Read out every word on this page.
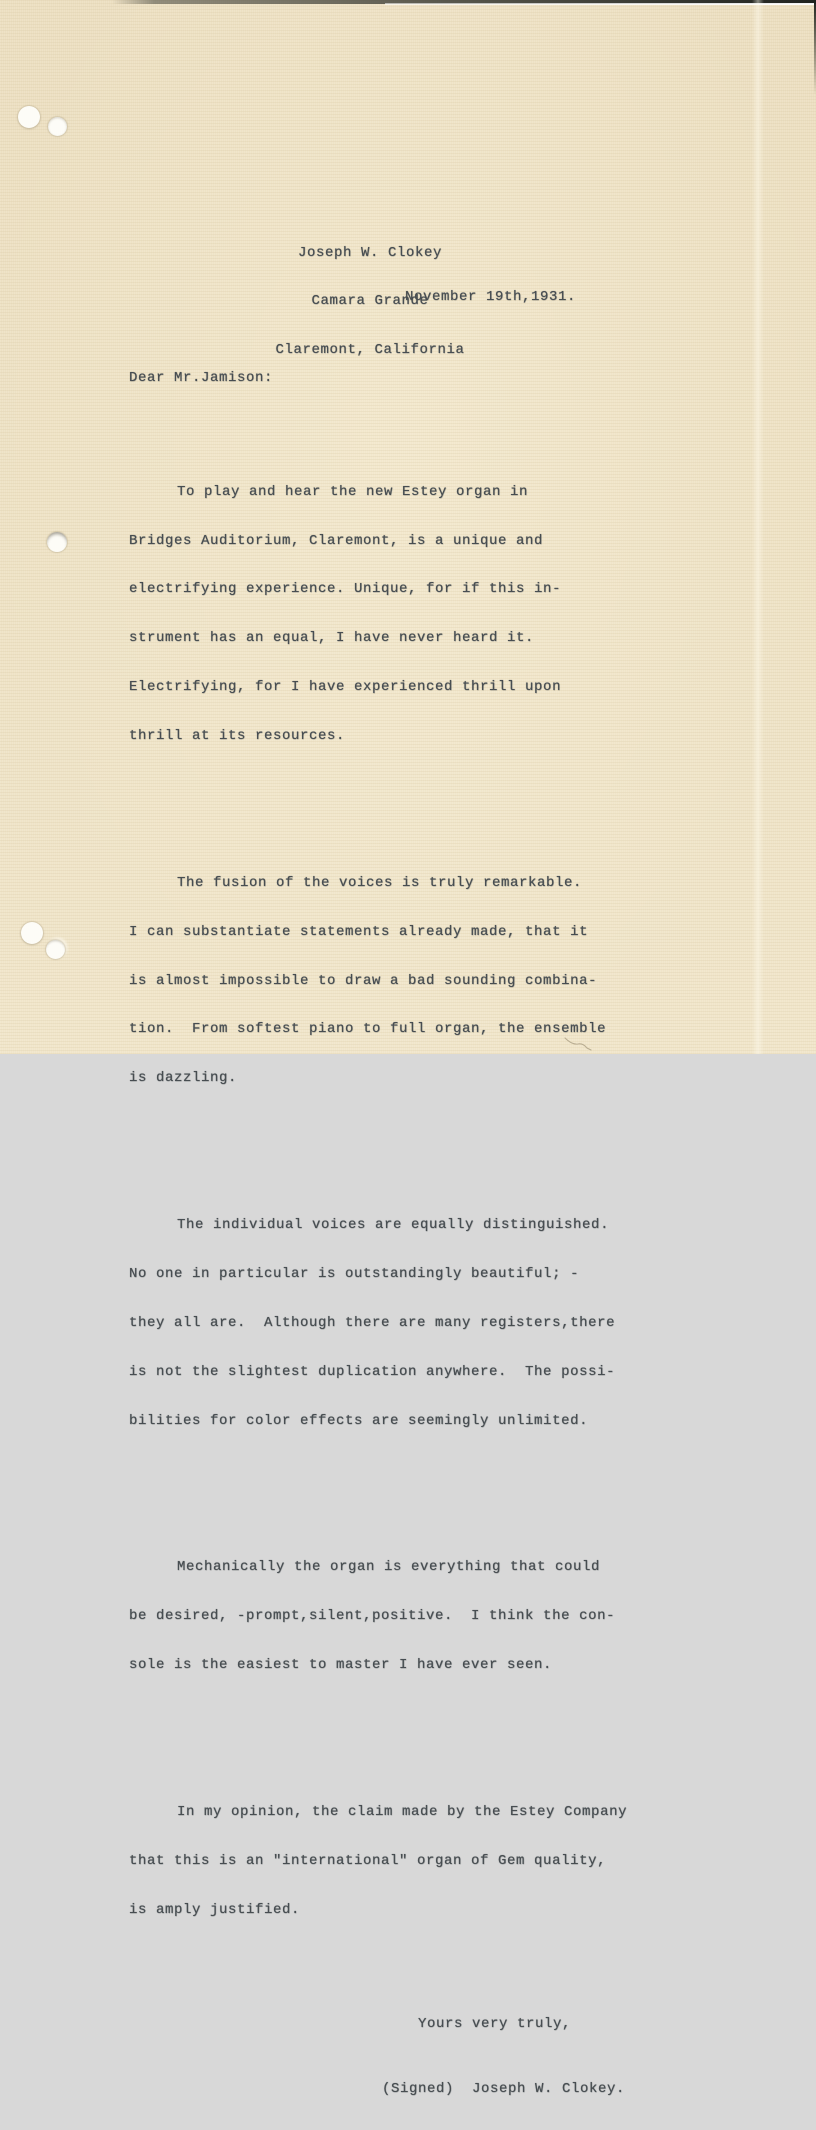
Joseph W. Clokey

Camara Grande

Claremont, California

November 19th,1931.

Dear Mr.Jamison:

To play and hear the new Estey organ in

Bridges Auditorium, Claremont, is a unique and

electrifying experience. Unique, for if this in-

strument has an equal, I have never heard it.

Electrifying, for I have experienced thrill upon

thrill at its resources.

The fusion of the voices is truly remarkable.

I can substantiate statements already made, that it

is almost impossible to draw a bad sounding combina-

tion.  From softest piano to full organ, the ensemble

is dazzling.

The individual voices are equally distinguished.

No one in particular is outstandingly beautiful; -

they all are.  Although there are many registers,there

is not the slightest duplication anywhere.  The possi-

bilities for color effects are seemingly unlimited.

Mechanically the organ is everything that could

be desired, -prompt,silent,positive.  I think the con-

sole is the easiest to master I have ever seen.

In my opinion, the claim made by the Estey Company

that this is an "international" organ of Gem quality,

is amply justified.

Yours very truly,

(Signed)  Joseph W. Clokey.
